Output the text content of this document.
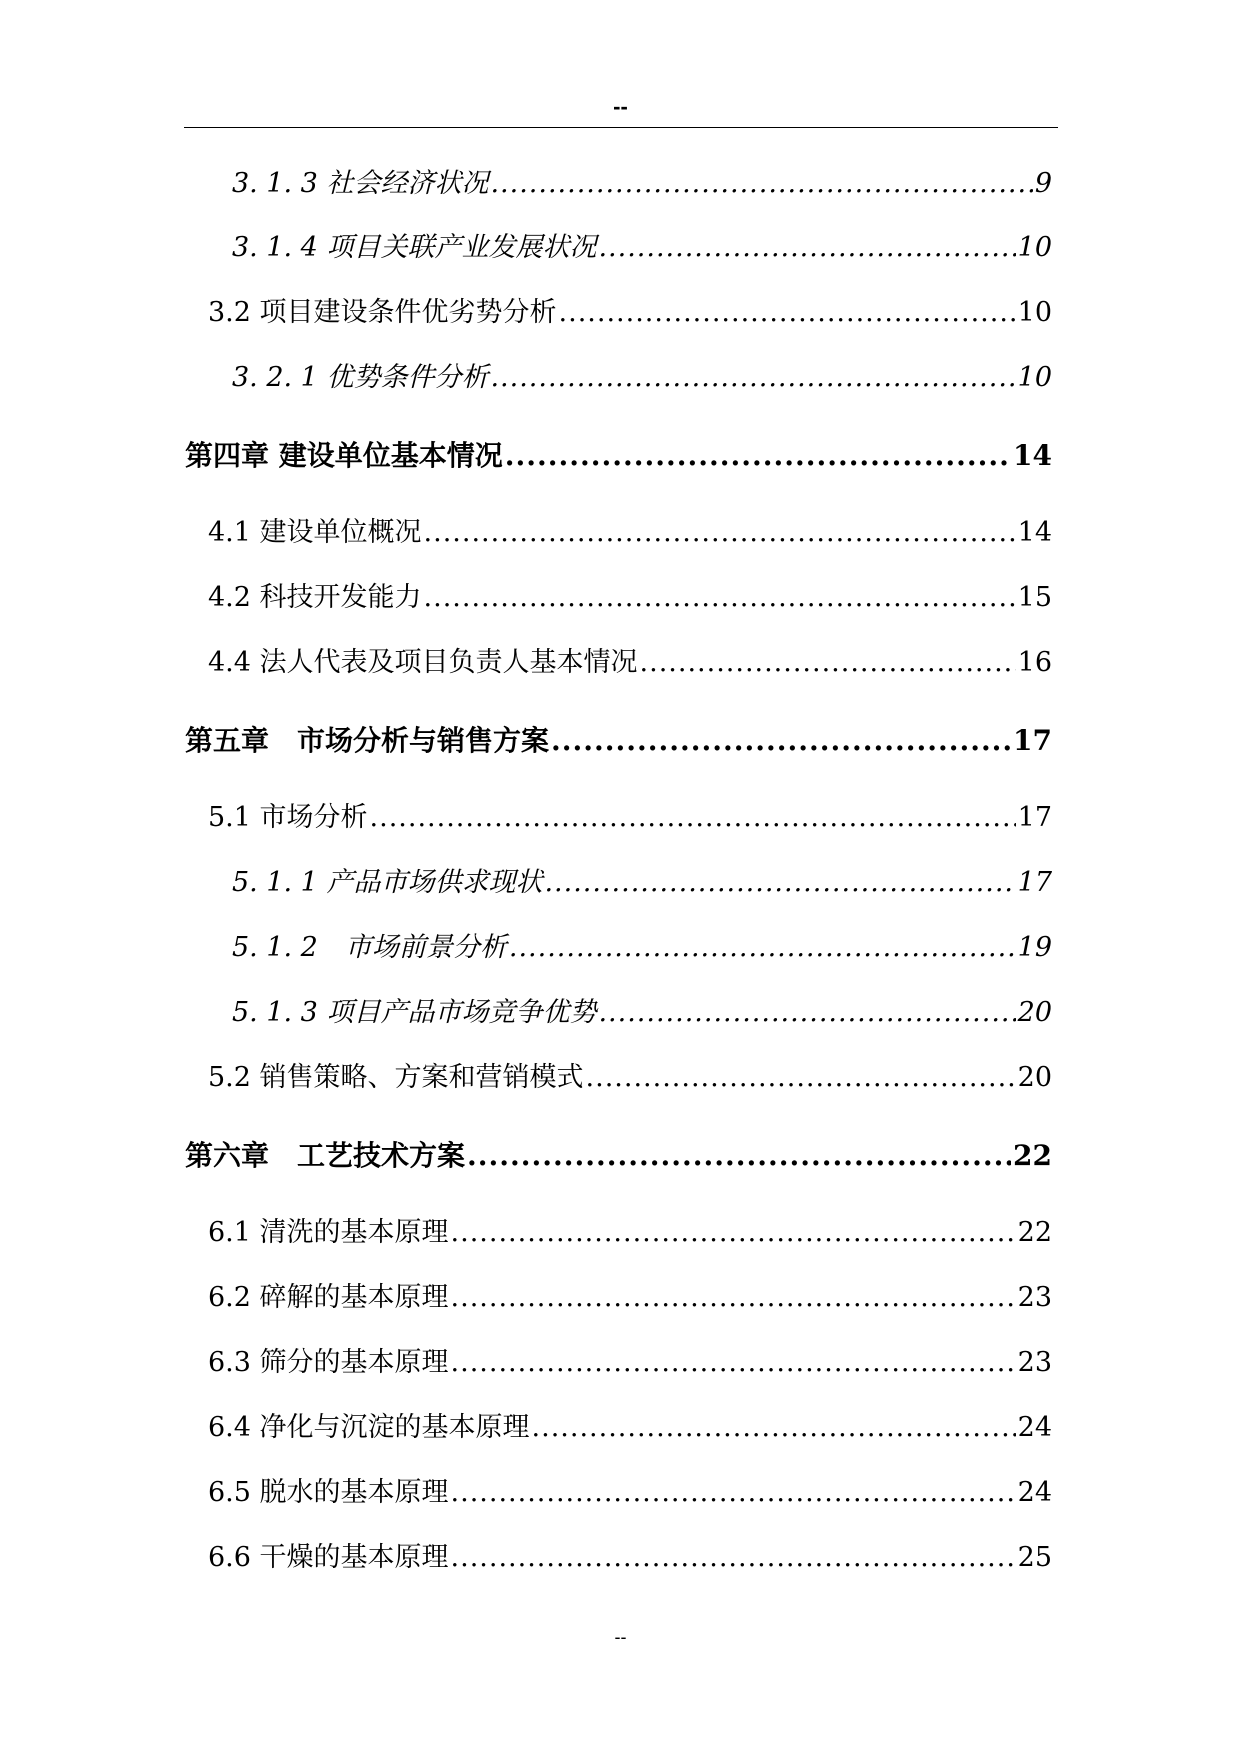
--
3. 1. 3 社会经济状况 .....	9
3. 1. 4 项目关联产业发展状况 .....	10
3.2 项目建设条件优劣势分析 .....	10
3. 2. 1 优势条件分析 .....	10
第四章 建设单位基本情况 .....	14
4.1 建设单位概况 .....	14
4.2 科技开发能力 .....	15
4.4 法人代表及项目负责人基本情况 .....	16
第五章　市场分析与销售方案 .....	17
5.1 市场分析 .....	17
5. 1. 1 产品市场供求现状 .....	17
5. 1. 2　市场前景分析 .....	19
5. 1. 3 项目产品市场竞争优势 .....	20
5.2 销售策略、方案和营销模式 .....	20
第六章　工艺技术方案 .....	22
6.1 清洗的基本原理 .....	22
6.2 碎解的基本原理 .....	23
6.3 筛分的基本原理 .....	23
6.4 净化与沉淀的基本原理 .....	24
6.5 脱水的基本原理 .....	24
6.6 干燥的基本原理 .....	25
--
